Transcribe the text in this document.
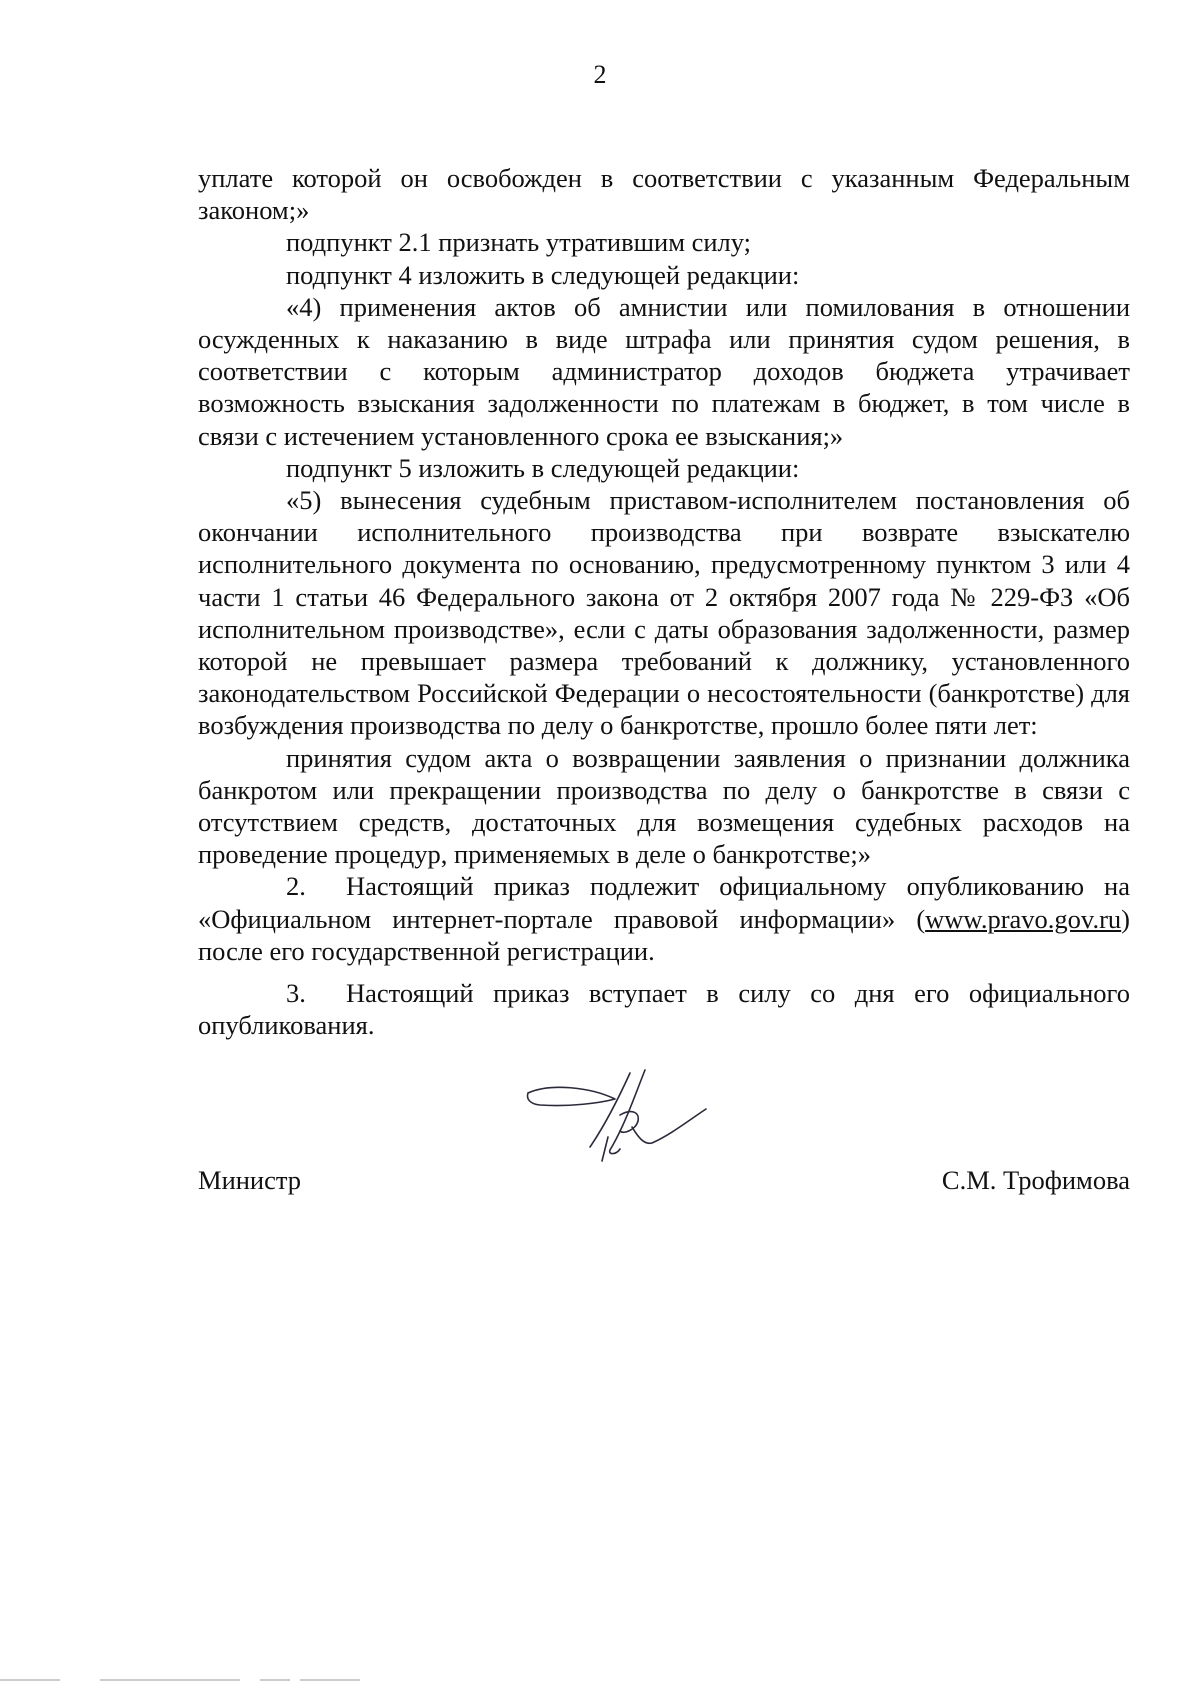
2

уплате которой он освобожден в соответствии с указанным Федеральным законом;»

подпункт 2.1 признать утратившим силу;

подпункт 4 изложить в следующей редакции:

«4) применения актов об амнистии или помилования в отношении осужденных к наказанию в виде штрафа или принятия судом решения, в соответствии с которым администратор доходов бюджета утрачивает возможность взыскания задолженности по платежам в бюджет, в том числе в связи с истечением установленного срока ее взыскания;»

подпункт 5 изложить в следующей редакции:

«5) вынесения судебным приставом-исполнителем постановления об окончании исполнительного производства при возврате взыскателю исполнительного документа по основанию, предусмотренному пунктом 3 или 4 части 1 статьи 46 Федерального закона от 2 октября 2007 года № 229-ФЗ «Об исполнительном производстве», если с даты образования задолженности, размер которой не превышает размера требований к должнику, установленного законодательством Российской Федерации о несостоятельности (банкротстве) для возбуждения производства по делу о банкротстве, прошло более пяти лет:

принятия судом акта о возвращении заявления о признании должника банкротом или прекращении производства по делу о банкротстве в связи с отсутствием средств, достаточных для возмещения судебных расходов на проведение процедур, применяемых в деле о банкротстве;»

2. Настоящий приказ подлежит официальному опубликованию на «Официальном интернет-портале правовой информации» (www.pravo.gov.ru) после его государственной регистрации.

3. Настоящий приказ вступает в силу со дня его официального опубликования.

Министр	С.М. Трофимова
